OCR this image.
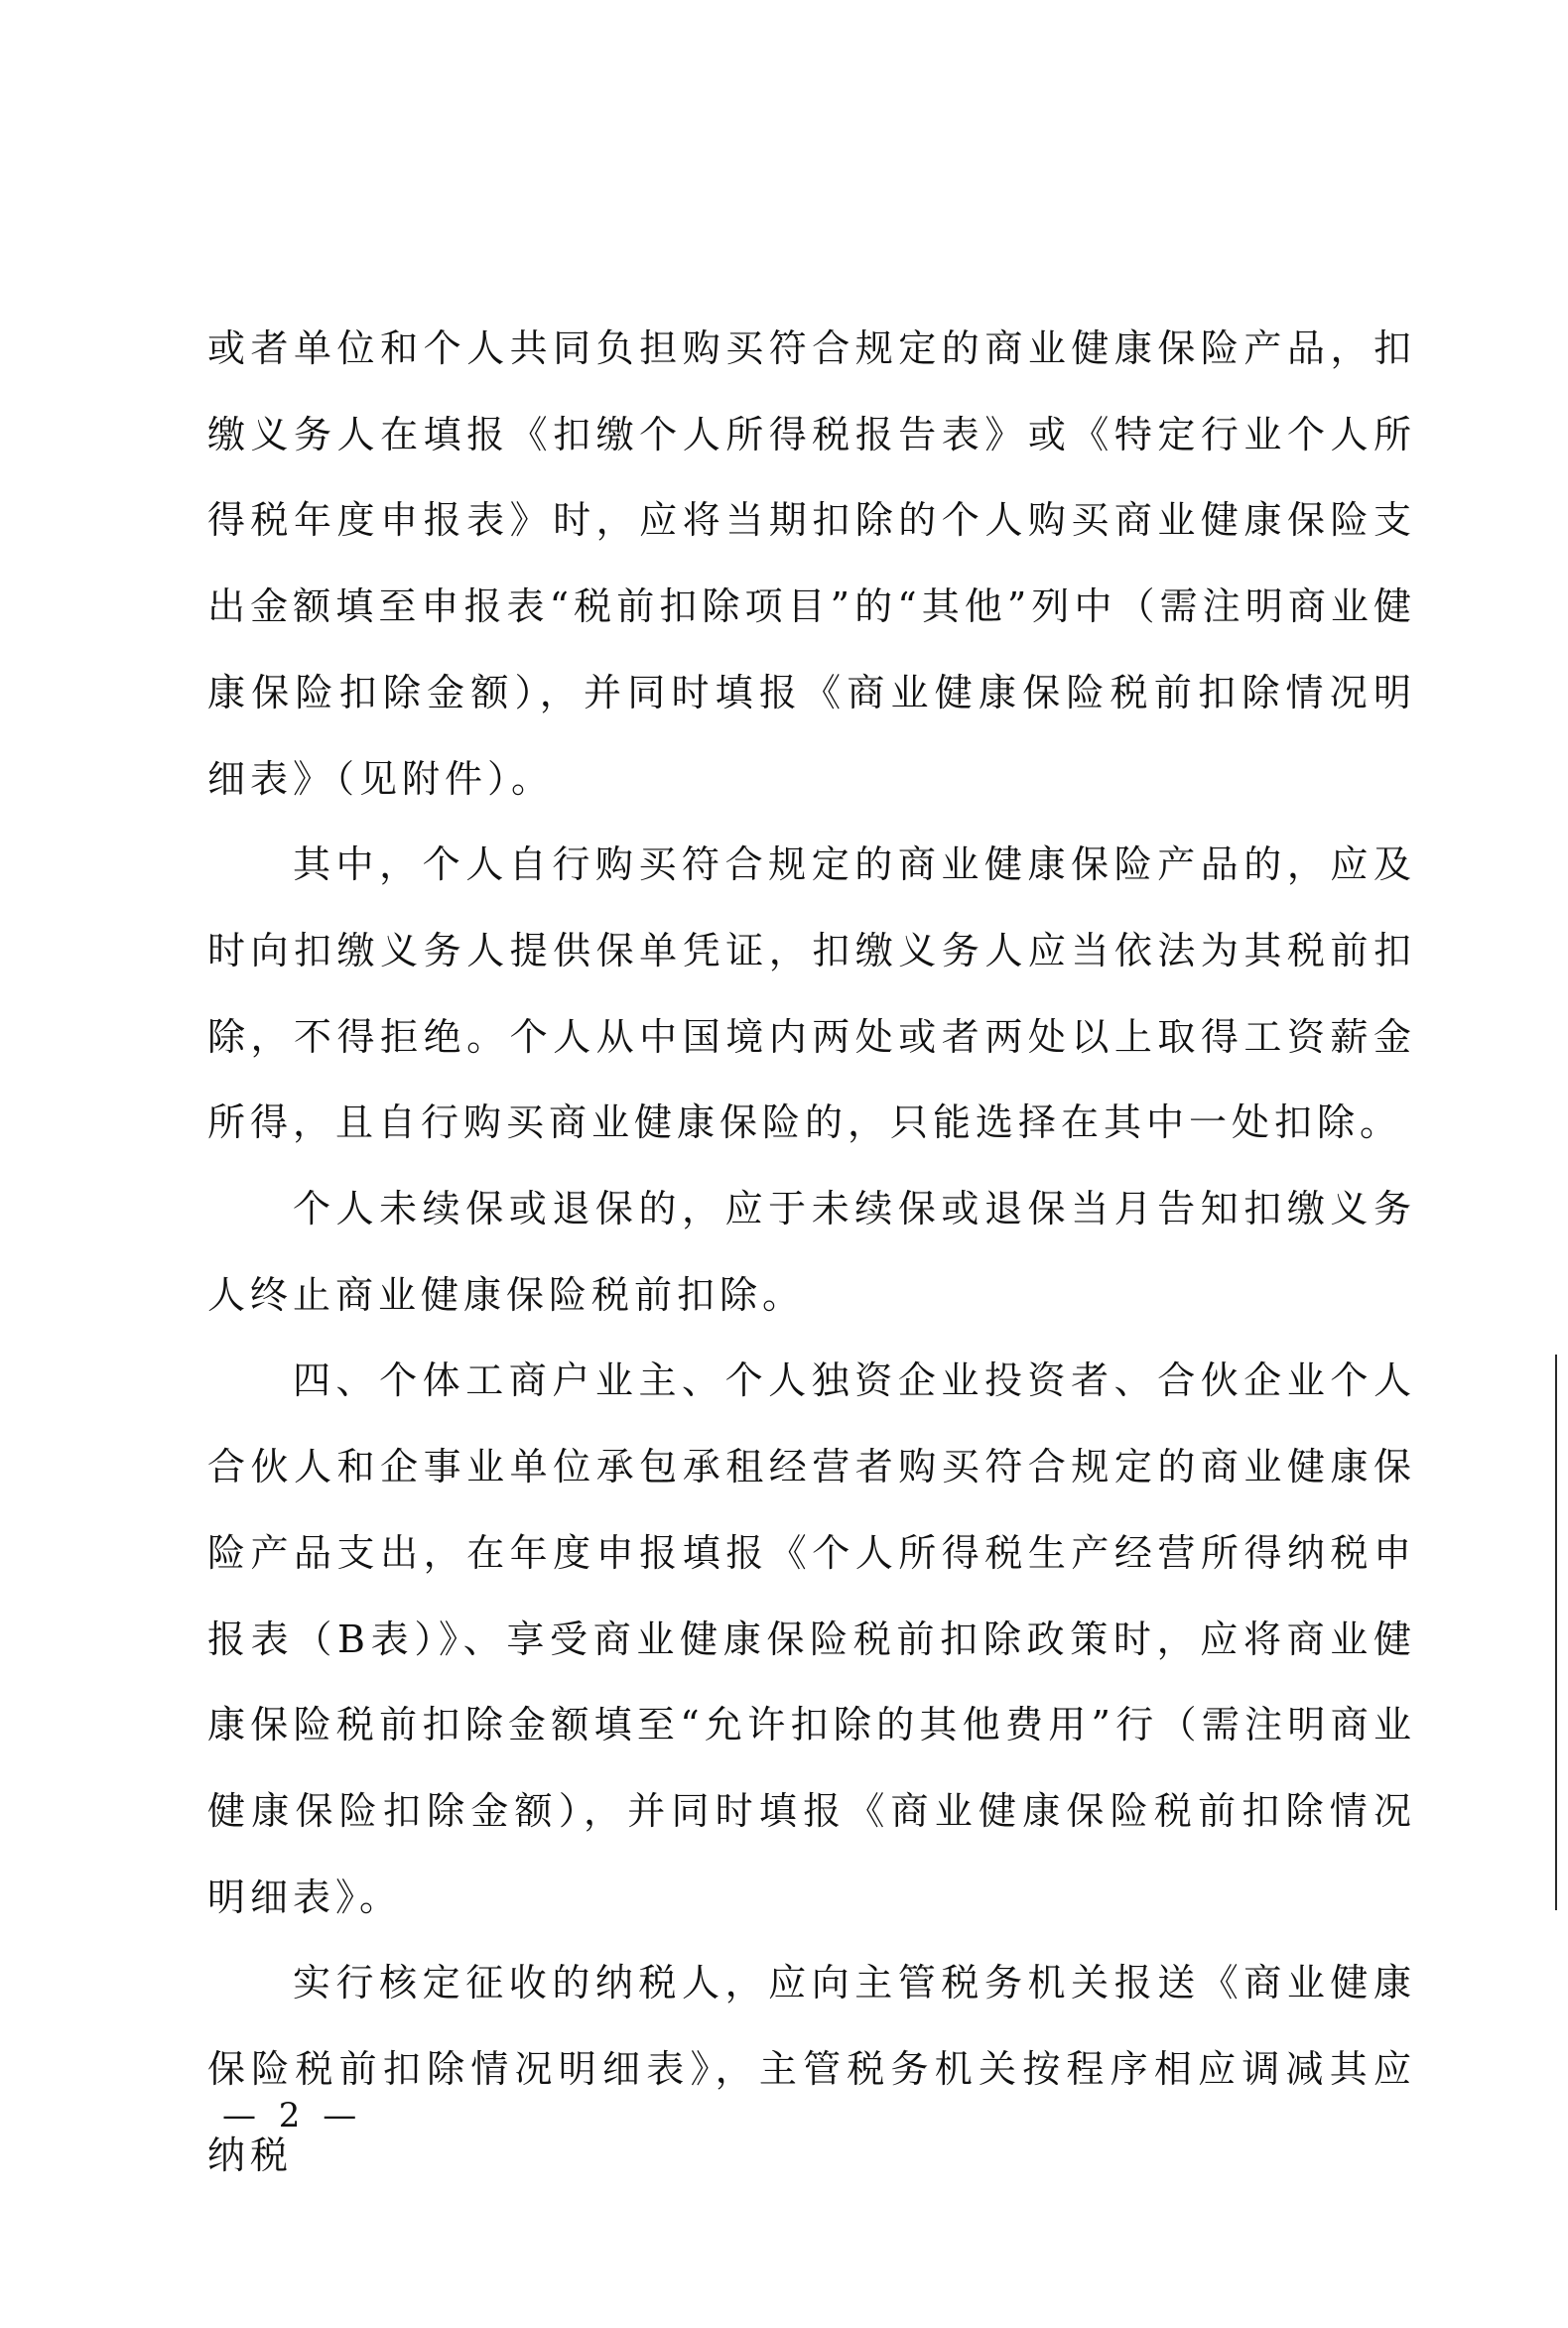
或者单位和个人共同负担购买符合规定的商业健康保险产品，扣缴义务人在填报《扣缴个人所得税报告表》或《特定行业个人所得税年度申报表》时，应将当期扣除的个人购买商业健康保险支出金额填至申报表“税前扣除项目”的“其他”列中（需注明商业健康保险扣除金额），并同时填报《商业健康保险税前扣除情况明细表》（见附件）。

其中，个人自行购买符合规定的商业健康保险产品的，应及时向扣缴义务人提供保单凭证，扣缴义务人应当依法为其税前扣除，不得拒绝。个人从中国境内两处或者两处以上取得工资薪金所得，且自行购买商业健康保险的，只能选择在其中一处扣除。

个人未续保或退保的，应于未续保或退保当月告知扣缴义务人终止商业健康保险税前扣除。

四、个体工商户业主、个人独资企业投资者、合伙企业个人合伙人和企事业单位承包承租经营者购买符合规定的商业健康保险产品支出，在年度申报填报《个人所得税生产经营所得纳税申报表（B表）》、享受商业健康保险税前扣除政策时，应将商业健康保险税前扣除金额填至“允许扣除的其他费用”行（需注明商业健康保险扣除金额），并同时填报《商业健康保险税前扣除情况明细表》。

实行核定征收的纳税人，应向主管税务机关报送《商业健康保险税前扣除情况明细表》，主管税务机关按程序相应调减其应纳税

— 2 —
